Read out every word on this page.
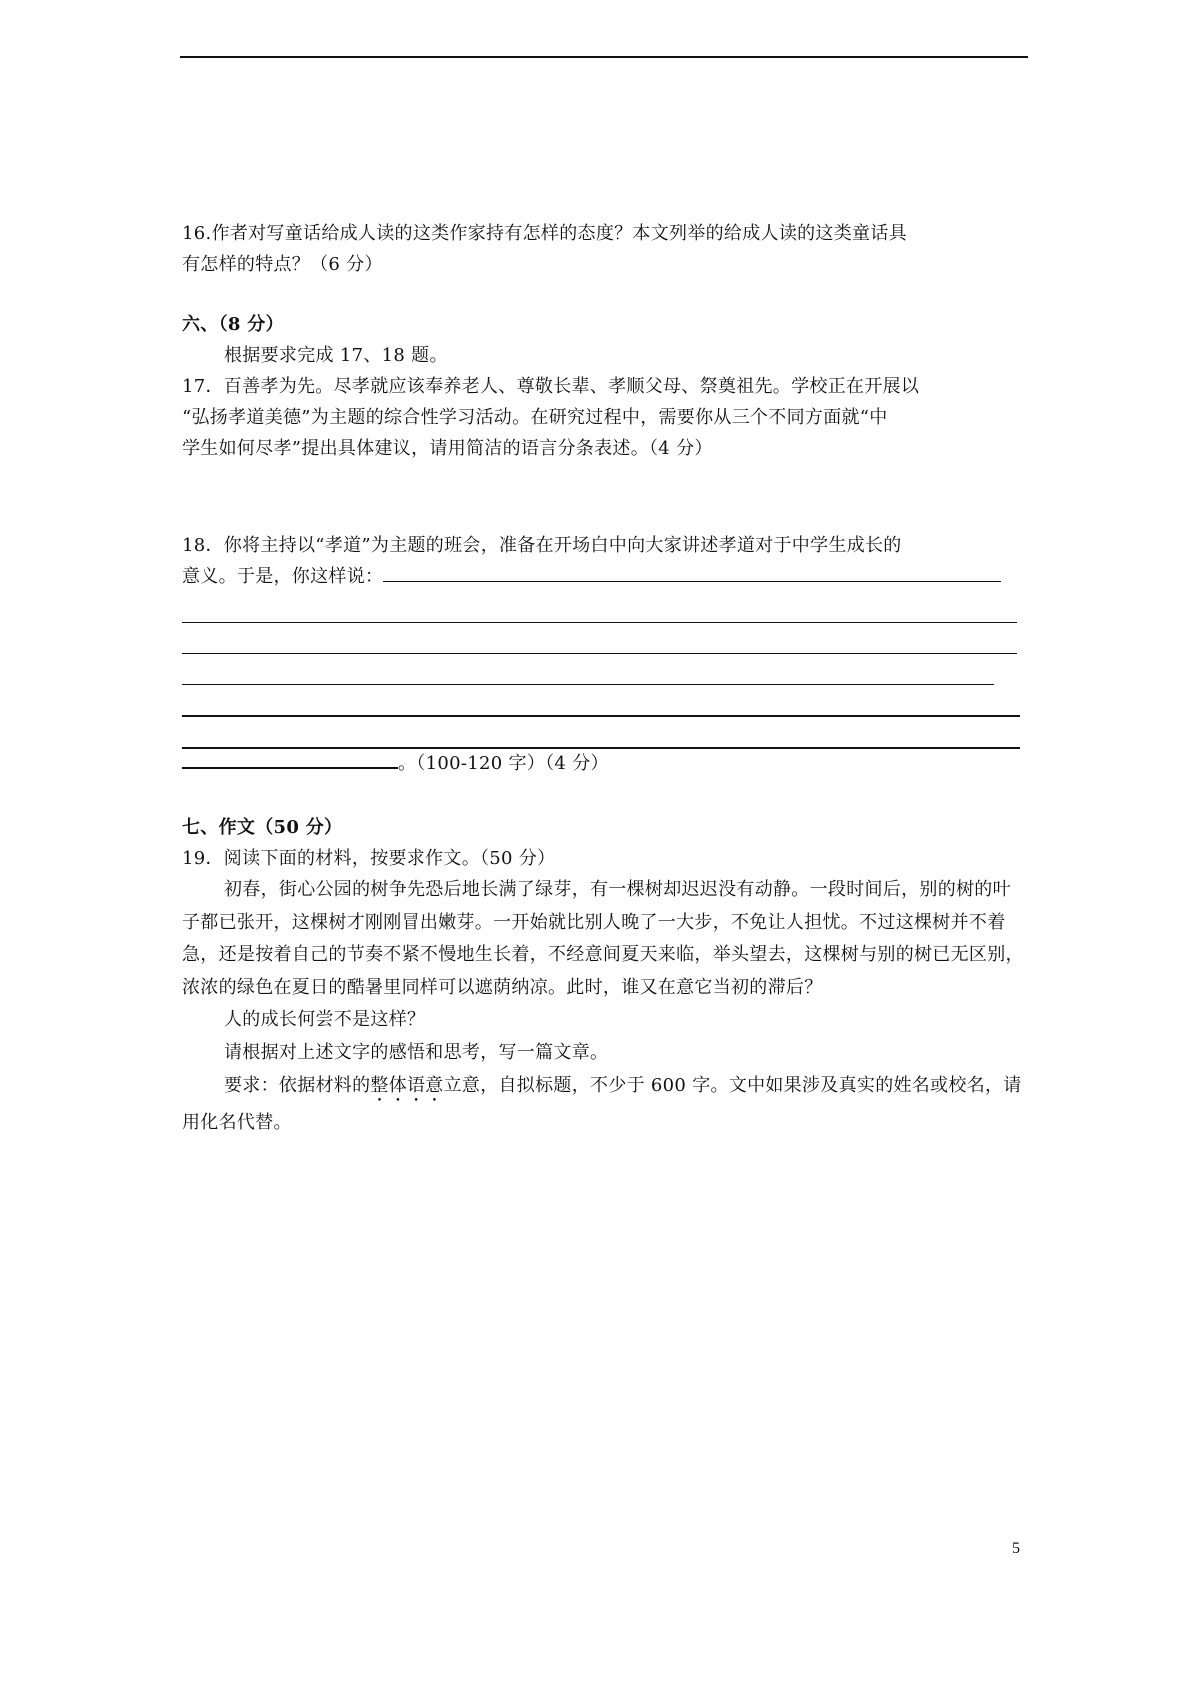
16.作者对写童话给成人读的这类作家持有怎样的态度？本文列举的给成人读的这类童话具

有怎样的特点？（6 分）

六、（8 分）

根据要求完成 17、18 题。

17．百善孝为先。尽孝就应该奉养老人、尊敬长辈、孝顺父母、祭奠祖先。学校正在开展以

“弘扬孝道美德”为主题的综合性学习活动。在研究过程中，需要你从三个不同方面就“中

学生如何尽孝”提出具体建议，请用简洁的语言分条表述。（4 分）

18．你将主持以“孝道”为主题的班会，准备在开场白中向大家讲述孝道对于中学生成长的

意义。于是，你这样说：

。（100-120 字）（4 分）

七、作文（50 分）

19．阅读下面的材料，按要求作文。（50 分）

初春，街心公园的树争先恐后地长满了绿芽，有一棵树却迟迟没有动静。一段时间后，别的树的叶子都已张开，这棵树才刚刚冒出嫩芽。一开始就比别人晚了一大步，不免让人担忧。不过这棵树并不着急，还是按着自己的节奏不紧不慢地生长着，不经意间夏天来临，举头望去，这棵树与别的树已无区别，浓浓的绿色在夏日的酷暑里同样可以遮荫纳凉。此时，谁又在意它当初的滞后？

人的成长何尝不是这样？

请根据对上述文字的感悟和思考，写一篇文章。

要求：依据材料的整体语意立意，自拟标题，不少于 600 字。文中如果涉及真实的姓名或校名，请用化名代替。

5
